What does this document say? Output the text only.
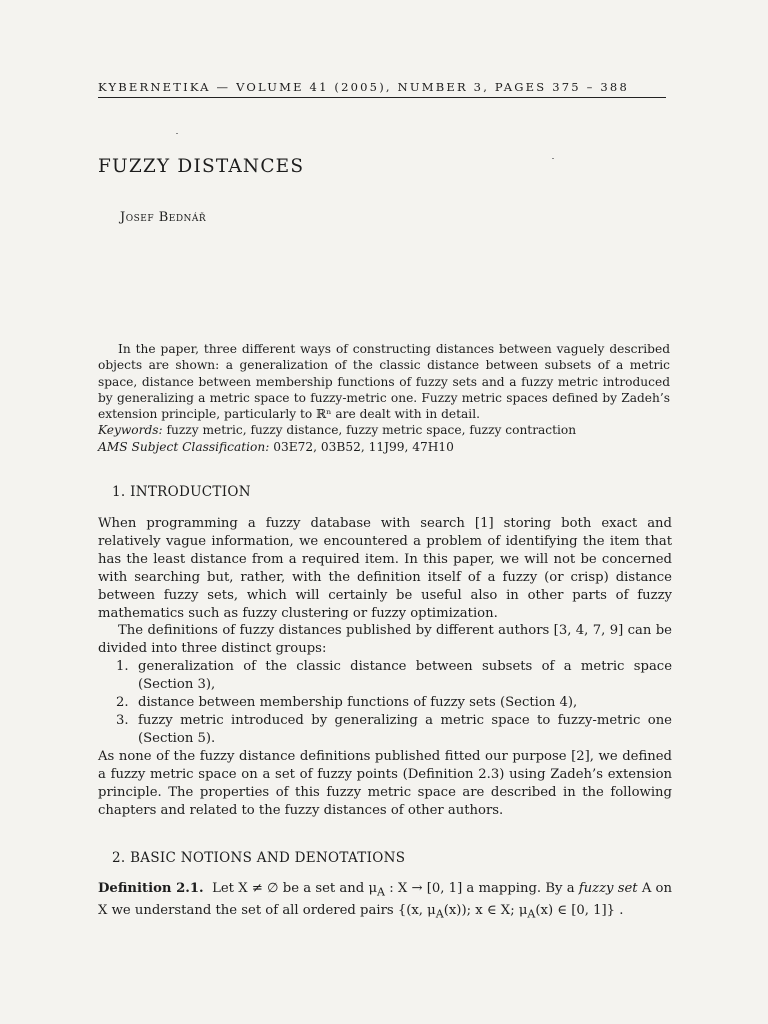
KYBERNETIKA — VOLUME 41 (2005), NUMBER 3, PAGES 375 – 388
FUZZY DISTANCES
Josef Bednář

In the paper, three different ways of constructing distances between vaguely described objects are shown: a generalization of the classic distance between subsets of a metric space, distance between membership functions of fuzzy sets and a fuzzy metric introduced by generalizing a metric space to fuzzy-metric one. Fuzzy metric spaces defined by Zadeh’s extension principle, particularly to ℝⁿ are dealt with in detail.

Keywords: fuzzy metric, fuzzy distance, fuzzy metric space, fuzzy contraction
AMS Subject Classification: 03E72, 03B52, 11J99, 47H10
1. INTRODUCTION

When programming a fuzzy database with search [1] storing both exact and relatively vague information, we encountered a problem of identifying the item that has the least distance from a required item. In this paper, we will not be concerned with searching but, rather, with the definition itself of a fuzzy (or crisp) distance between fuzzy sets, which will certainly be useful also in other parts of fuzzy mathematics such as fuzzy clustering or fuzzy optimization.

The definitions of fuzzy distances published by different authors [3, 4, 7, 9] can be divided into three distinct groups:

1. generalization of the classic distance between subsets of a metric space (Section 3),
2. distance between membership functions of fuzzy sets (Section 4),
3. fuzzy metric introduced by generalizing a metric space to fuzzy-metric one (Section 5).

As none of the fuzzy distance definitions published fitted our purpose [2], we defined a fuzzy metric space on a set of fuzzy points (Definition 2.3) using Zadeh’s extension principle. The properties of this fuzzy metric space are described in the following chapters and related to the fuzzy distances of other authors.

2. BASIC NOTIONS AND DENOTATIONS
Definition 2.1. Let X ≠ ∅ be a set and $\mu_A$ : X → [0, 1] a mapping. By a fuzzy set A on X we understand the set of all ordered pairs {(x, $\mu_A(x)$); x ∈ X; $\mu_A(x)$ ∈ [0, 1]} .
